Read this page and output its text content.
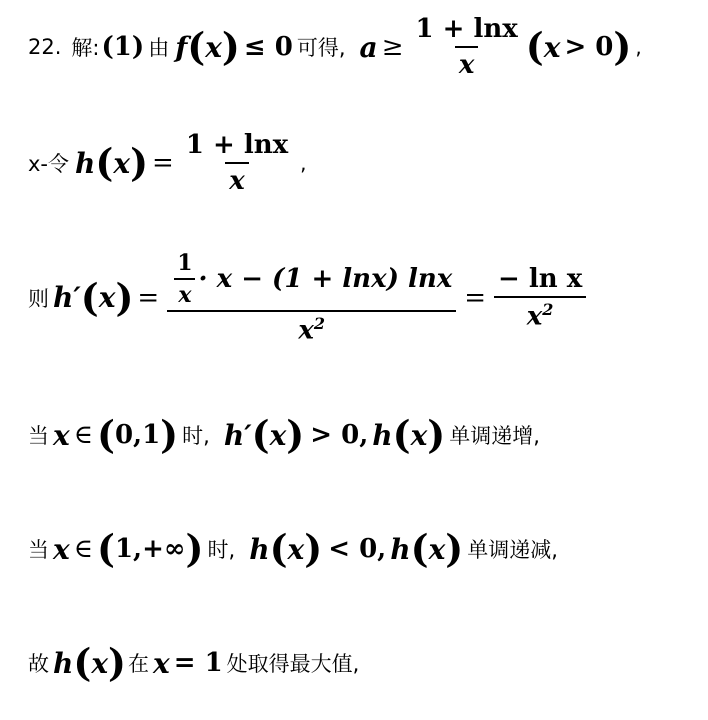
22. 解: (1) 由 f ( x ) ≤ 0 可得, $a \ge \frac{1 + \ln x}{x}$ ( x > 0 ) ,
x-令 h ( x ) = $\frac{1 + \ln x}{x}$ ,
则 h′ ( x ) = $\frac{\frac{1}{x} \cdot x - (1 + \ln x) \ln x}{x^2} = \frac{\text{− ln x}}{x^2}$
当 x ∈ ( 0,1 ) 时, h′ ( x ) > 0, h ( x ) 单调递增,
当 x ∈ ( 1,+∞ ) 时, h ( x ) < 0, h ( x ) 单调递减,
故 h ( x ) 在 x = 1 处取得最大值,
